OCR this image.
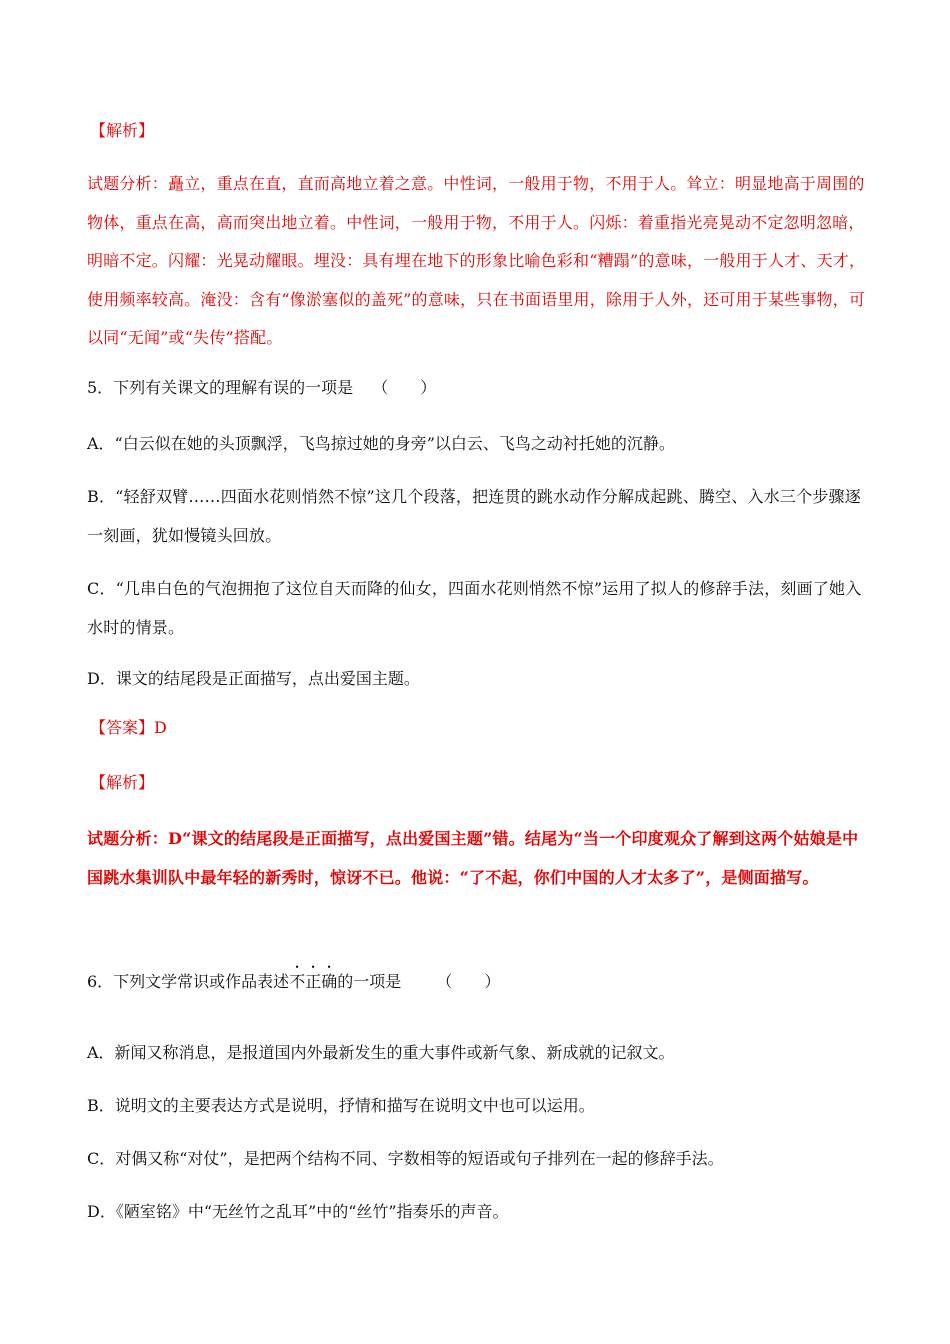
【解析】
试题分析：矗立，重点在直，直而高地立着之意。中性词，一般用于物，不用于人。耸立：明显地高于周围的物体，重点在高，高而突出地立着。中性词，一般用于物，不用于人。闪烁：着重指光亮晃动不定忽明忽暗，明暗不定。闪耀：光晃动耀眼。埋没：具有埋在地下的形象比喻色彩和“糟蹋”的意味，一般用于人才、天才，使用频率较高。淹没：含有“像淤塞似的盖死”的意味，只在书面语里用，除用于人外，还可用于某些事物，可以同“无闻”或“失传”搭配。
5．下列有关课文的理解有误的一项是 （　　）
A．“白云似在她的头顶飘浮，飞鸟掠过她的身旁”以白云、飞鸟之动衬托她的沉静。
B．“轻舒双臂……四面水花则悄然不惊”这几个段落，把连贯的跳水动作分解成起跳、腾空、入水三个步骤逐一刻画，犹如慢镜头回放。
C．“几串白色的气泡拥抱了这位自天而降的仙女，四面水花则悄然不惊”运用了拟人的修辞手法，刻画了她入水时的情景。
D．课文的结尾段是正面描写，点出爱国主题。
【答案】D
【解析】
试题分析：D“课文的结尾段是正面描写，点出爱国主题”错。结尾为“当一个印度观众了解到这两个姑娘是中国跳水集训队中最年轻的新秀时，惊讶不已。他说：“了不起，你们中国的人才太多了”，是侧面描写。
6．下列文学常识或作品表述不正确的一项是 （　　）
A．新闻又称消息，是报道国内外最新发生的重大事件或新气象、新成就的记叙文。
B．说明文的主要表达方式是说明，抒情和描写在说明文中也可以运用。
C．对偶又称“对仗”，是把两个结构不同、字数相等的短语或句子排列在一起的修辞手法。
D．《陋室铭》中“无丝竹之乱耳”中的“丝竹”指奏乐的声音。
